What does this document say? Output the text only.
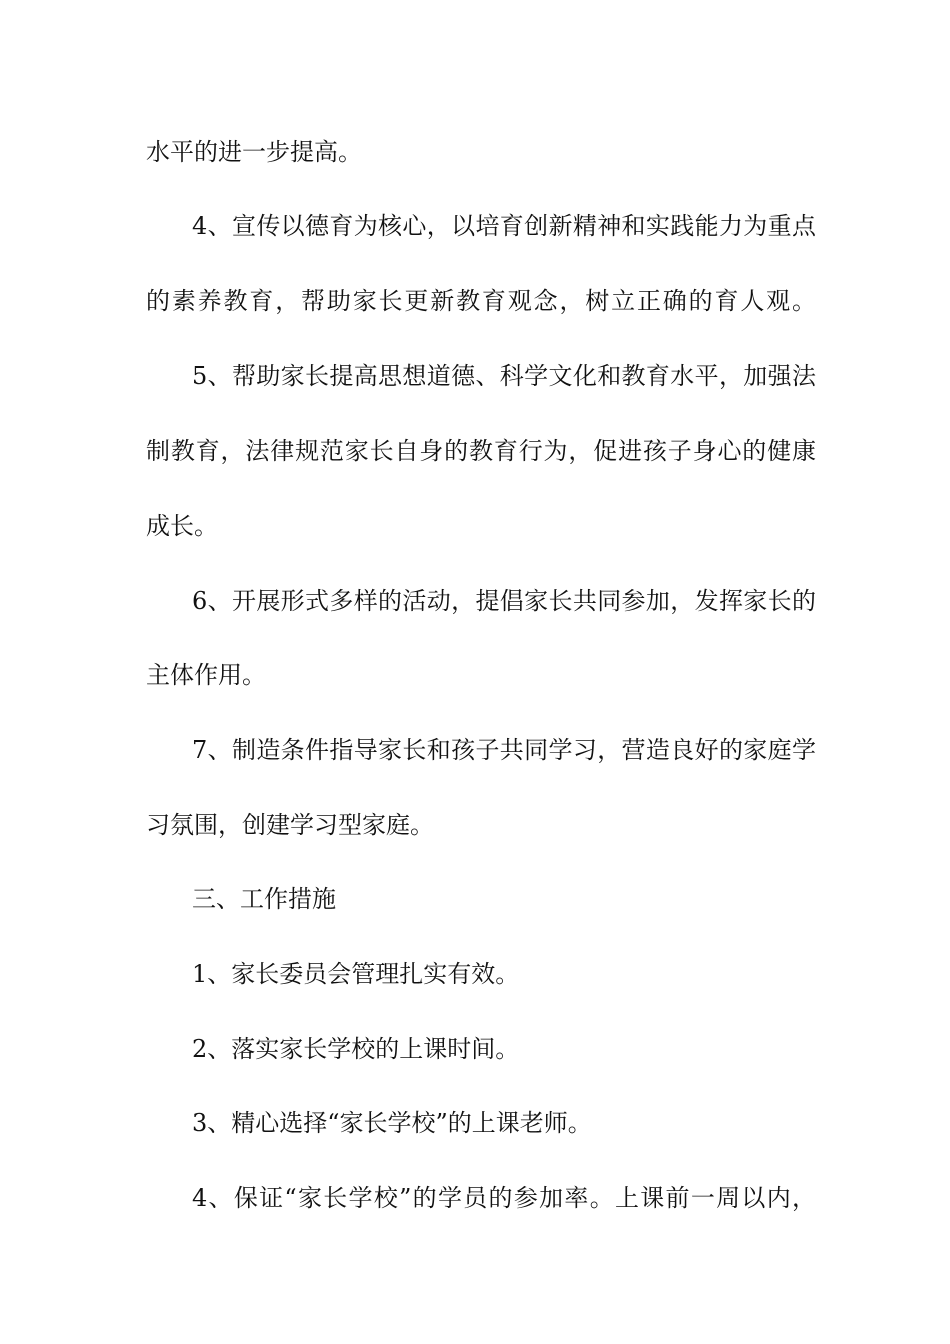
水平的进一步提高。
4、宣传以德育为核心，以培育创新精神和实践能力为重点
的素养教育，帮助家长更新教育观念，树立正确的育人观。
5、帮助家长提高思想道德、科学文化和教育水平，加强法
制教育，法律规范家长自身的教育行为，促进孩子身心的健康
成长。
6、开展形式多样的活动，提倡家长共同参加，发挥家长的
主体作用。
7、制造条件指导家长和孩子共同学习，营造良好的家庭学
习氛围，创建学习型家庭。
三、工作措施
1、家长委员会管理扎实有效。
2、落实家长学校的上课时间。
3、精心选择“家长学校”的上课老师。
4、保证“家长学校”的学员的参加率。上课前一周以内，
